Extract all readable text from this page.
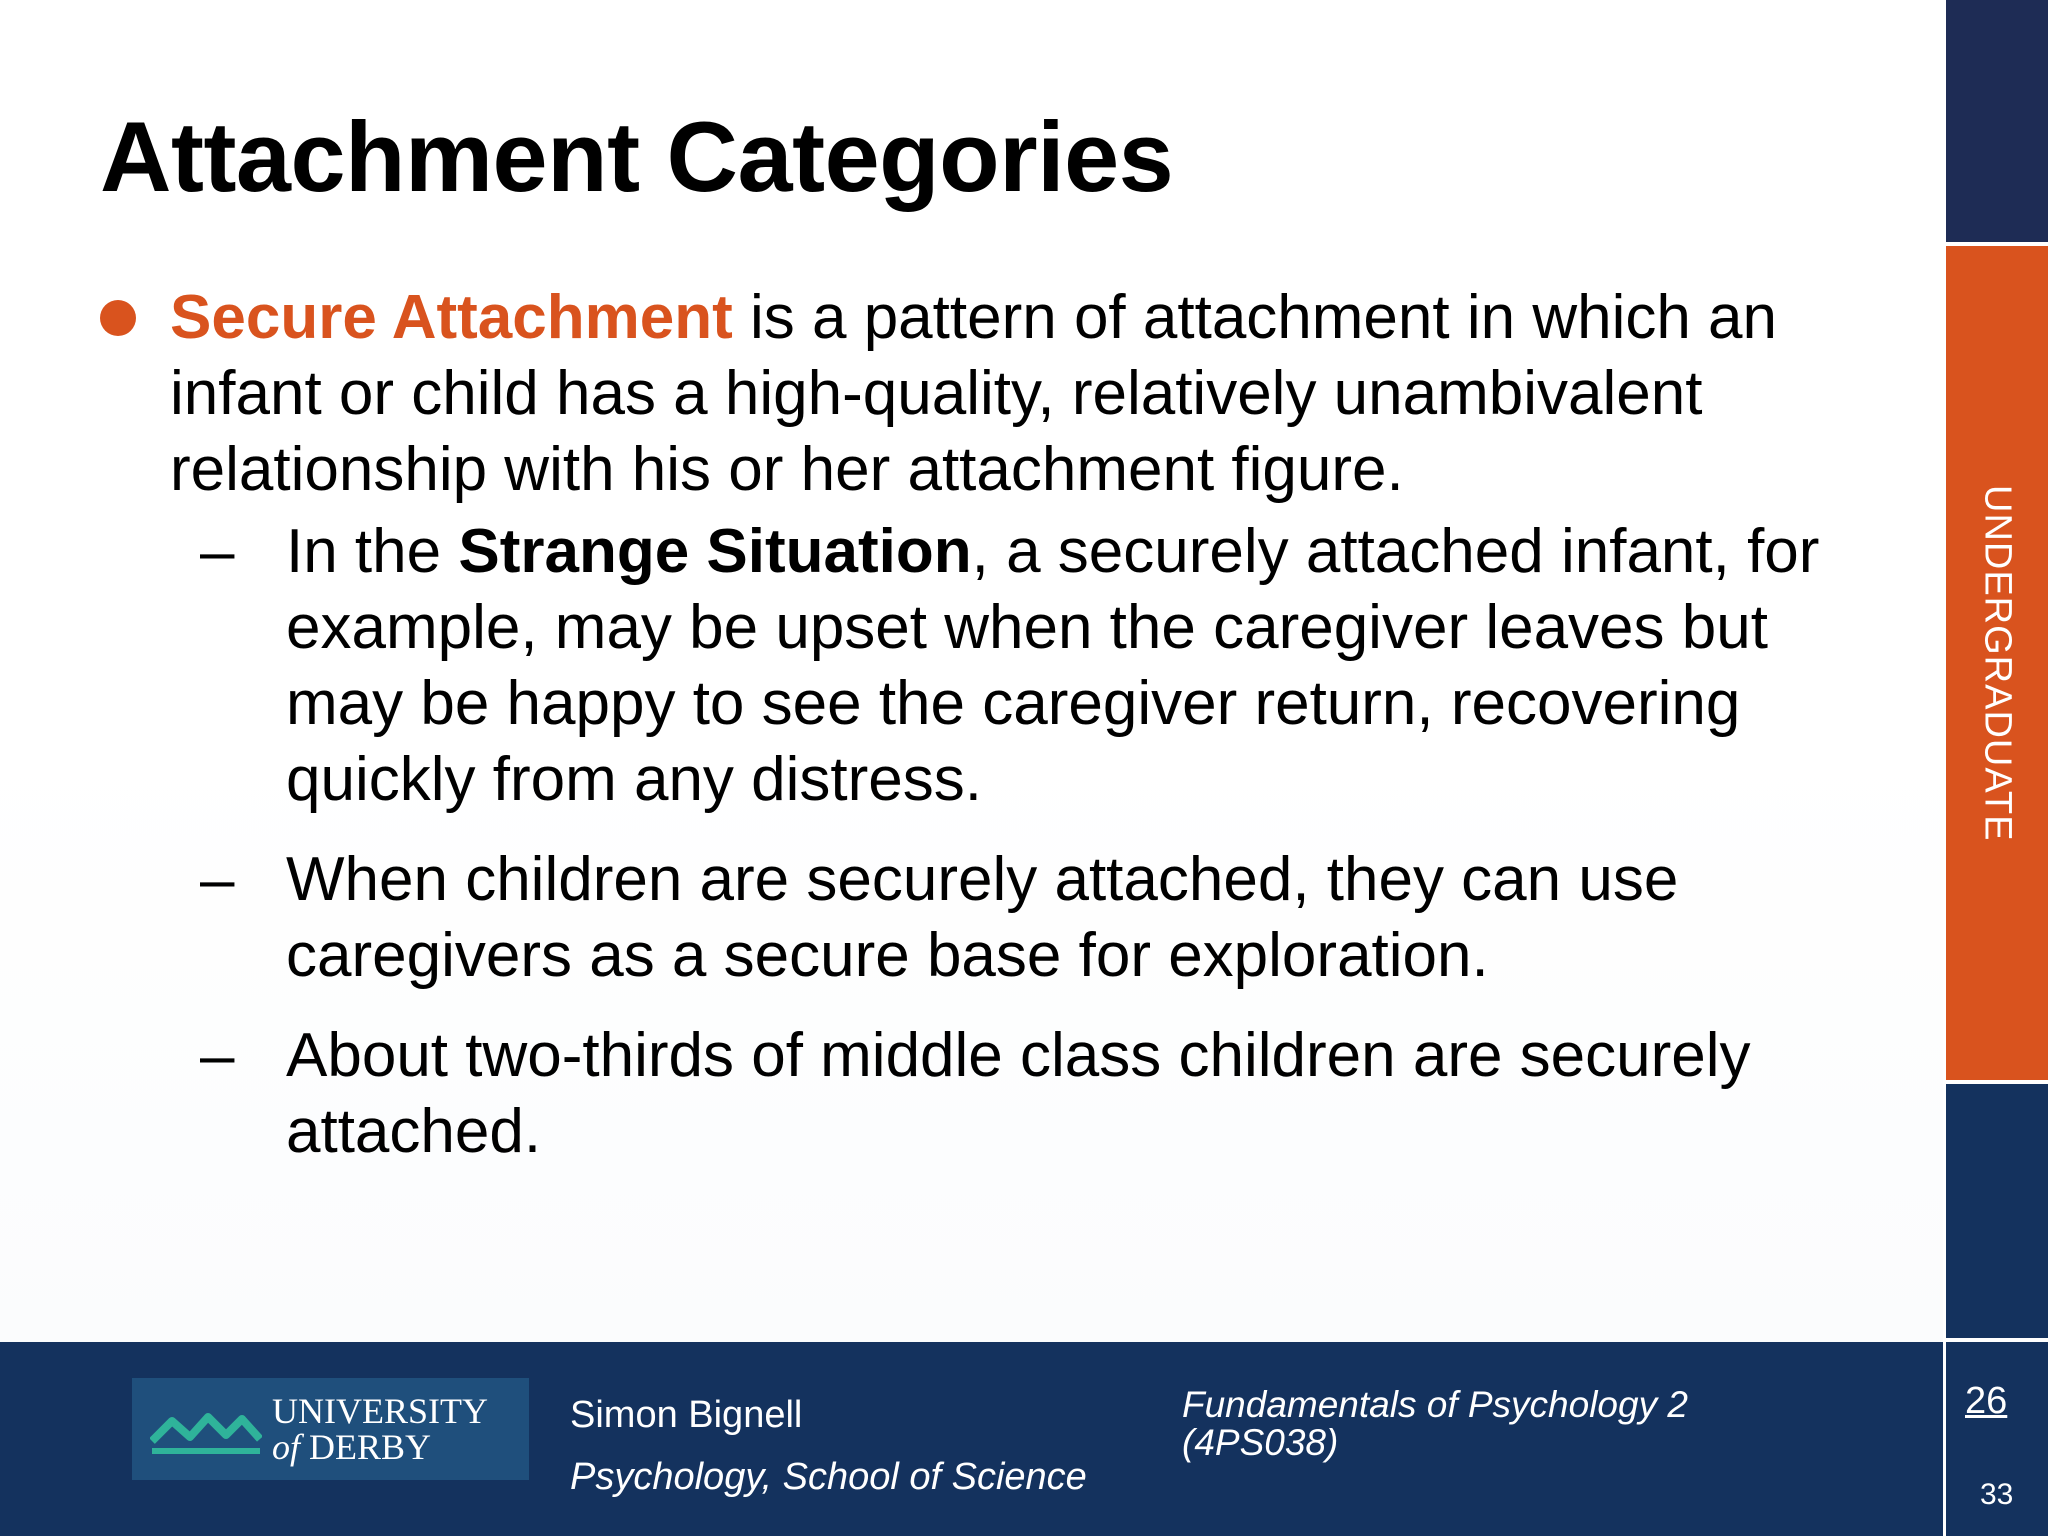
Attachment Categories
Secure Attachment is a pattern of attachment in which an infant or child has a high-quality, relatively unambivalent relationship with his or her attachment figure.
– In the Strange Situation, a securely attached infant, for example, may be upset when the caregiver leaves but may be happy to see the caregiver return, recovering quickly from any distress.
– When children are securely attached, they can use caregivers as a secure base for exploration.
– About two-thirds of middle class children are securely attached.
UNDERGRADUATE
UNIVERSITY
of DERBY
Simon Bignell
Psychology, School of Science
Fundamentals of Psychology 2 (4PS038)
26
33
